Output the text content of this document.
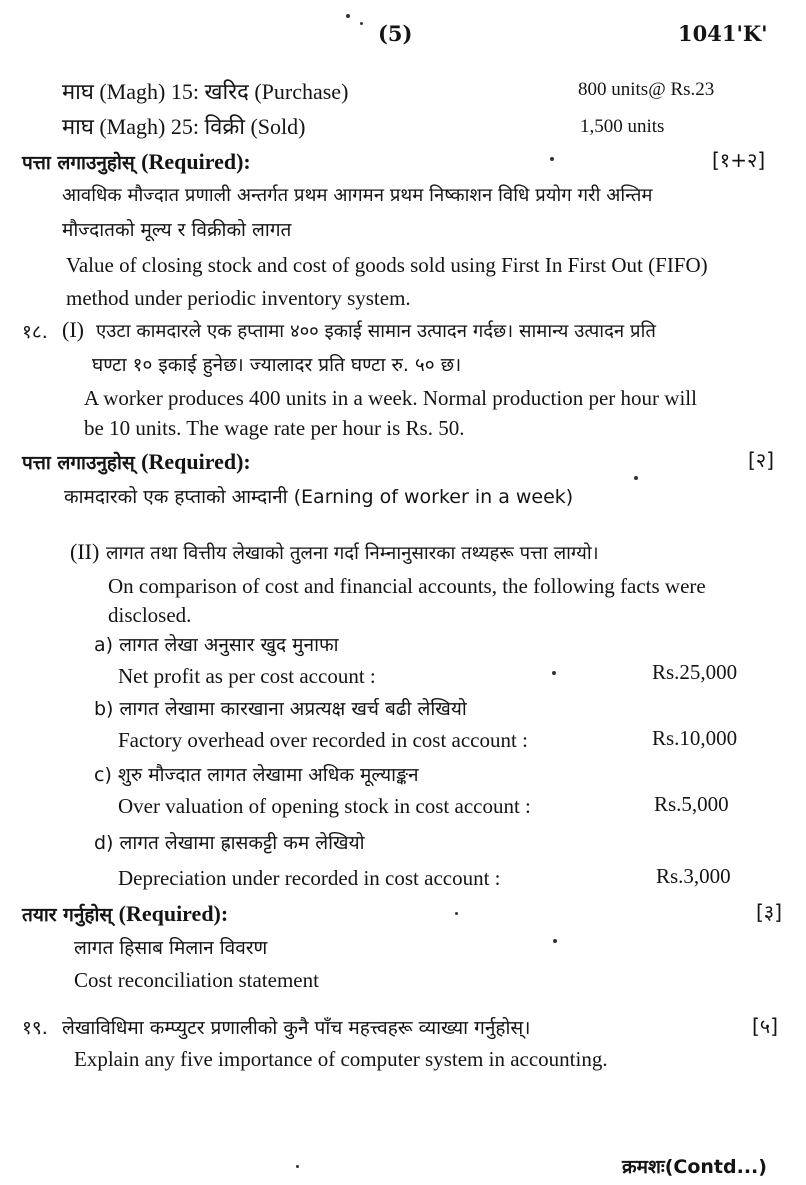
(5)	1041'K'
माघ (Magh) 15: खरिद (Purchase)	800 units@ Rs.23
माघ (Magh) 25: विक्री (Sold)	1,500 units
पत्ता लगाउनुहोस् (Required):	[१+२]
आवधिक मौज्दात प्रणाली अन्तर्गत प्रथम आगमन प्रथम निष्काशन विधि प्रयोग गरी अन्तिम
मौज्दातको मूल्य र विक्रीको लागत
Value of closing stock and cost of goods sold using First In First Out (FIFO)
method under periodic inventory system.
१८. (I) एउटा कामदारले एक हप्तामा ४०० इकाई सामान उत्पादन गर्दछ। सामान्य उत्पादन प्रति
घण्टा १० इकाई हुनेछ। ज्यालादर प्रति घण्टा रु. ५० छ।
A worker produces 400 units in a week. Normal production per hour will
be 10 units. The wage rate per hour is Rs. 50.
पत्ता लगाउनुहोस् (Required):	[२]
कामदारको एक हप्ताको आम्दानी (Earning of worker in a week)
(II) लागत तथा वित्तीय लेखाको तुलना गर्दा निम्नानुसारका तथ्यहरू पत्ता लाग्यो।
On comparison of cost and financial accounts, the following facts were
disclosed.
a) लागत लेखा अनुसार खुद मुनाफा
Net profit as per cost account :	Rs.25,000
b) लागत लेखामा कारखाना अप्रत्यक्ष खर्च बढी लेखियो
Factory overhead over recorded in cost account :	Rs.10,000
c) शुरु मौज्दात लागत लेखामा अधिक मूल्याङ्कन
Over valuation of opening stock in cost account :	Rs.5,000
d) लागत लेखामा ह्रासकट्टी कम लेखियो
Depreciation under recorded in cost account :	Rs.3,000
तयार गर्नुहोस् (Required):	[३]
लागत हिसाब मिलान विवरण
Cost reconciliation statement
१९. लेखाविधिमा कम्प्युटर प्रणालीको कुनै पाँच महत्त्वहरू व्याख्या गर्नुहोस्।	[५]
Explain any five importance of computer system in accounting.
क्रमशः(Contd...)
